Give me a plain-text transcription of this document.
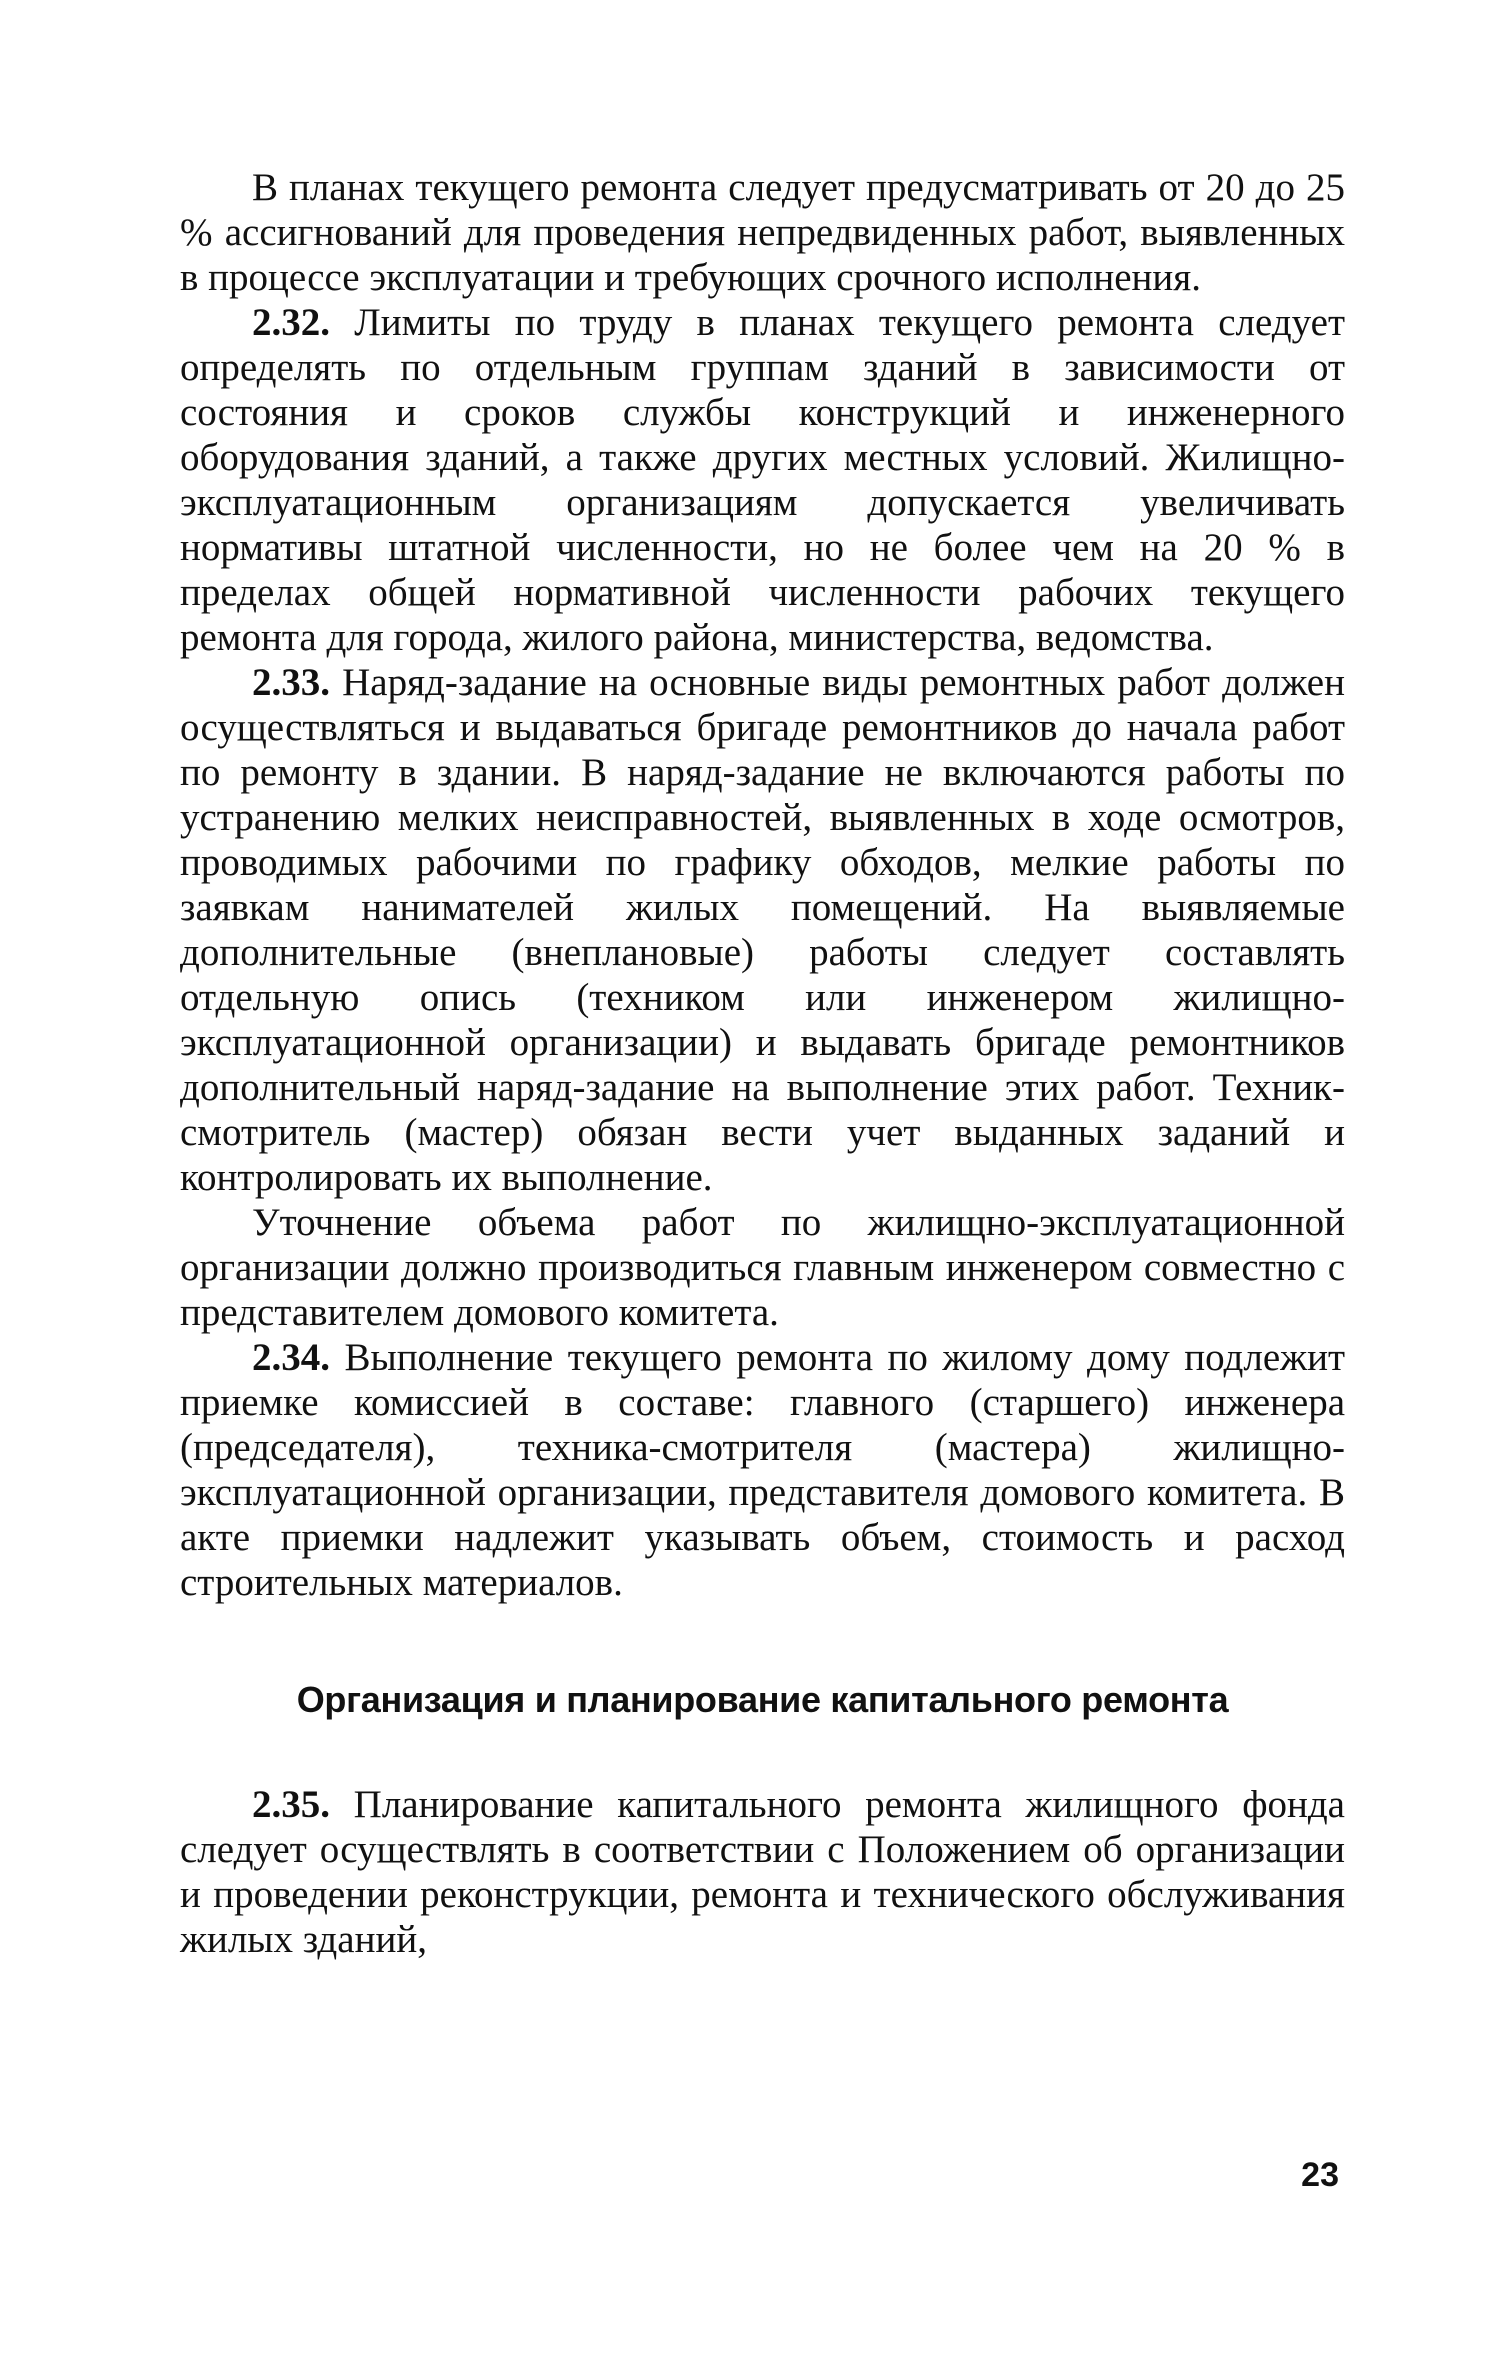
В планах текущего ремонта следует предусматривать от 20 до 25 % ассигнований для проведения непредвиденных работ, выявленных в процессе эксплуатации и требующих срочного исполнения.

2.32. Лимиты по труду в планах текущего ремонта следует определять по отдельным группам зданий в зависимости от состояния и сроков службы конструкций и инженерного оборудования зданий, а также других местных условий. Жилищно-эксплуатационным организациям допускается увеличивать нормативы штатной численности, но не более чем на 20 % в пределах общей нормативной численности рабочих текущего ремонта для города, жилого района, министерства, ведомства.

2.33. Наряд-задание на основные виды ремонтных работ должен осуществляться и выдаваться бригаде ремонтников до начала работ по ремонту в здании. В наряд-задание не включаются работы по устранению мелких неисправностей, выявленных в ходе осмотров, проводимых рабочими по графику обходов, мелкие работы по заявкам нанимателей жилых помещений. На выявляемые дополнительные (внеплановые) работы следует составлять отдельную опись (техником или инженером жилищно-эксплуатационной организации) и выдавать бригаде ремонтников дополнительный наряд-задание на выполнение этих работ. Техник-смотритель (мастер) обязан вести учет выданных заданий и контролировать их выполнение.

Уточнение объема работ по жилищно-эксплуатационной организации должно производиться главным инженером совместно с представителем домового комитета.

2.34. Выполнение текущего ремонта по жилому дому подлежит приемке комиссией в составе: главного (старшего) инженера (председателя), техника-смотрителя (мастера) жилищно-эксплуатационной организации, представителя домового комитета. В акте приемки надлежит указывать объем, стоимость и расход строительных материалов.

Организация и планирование капитального ремонта

2.35. Планирование капитального ремонта жилищного фонда следует осуществлять в соответствии с Положением об организации и проведении реконструкции, ремонта и технического обслуживания жилых зданий,

23
